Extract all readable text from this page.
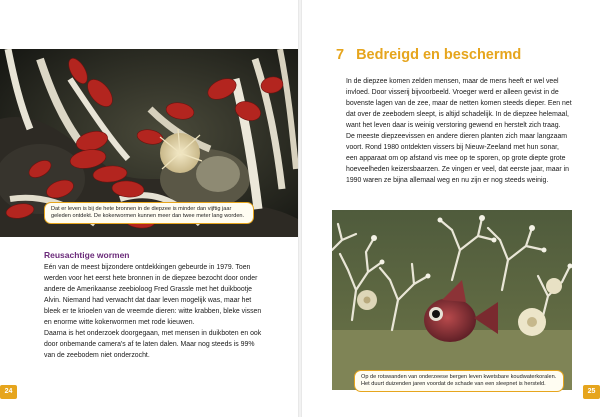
Dat er leven is bij de hete bronnen in de diepzee is minder dan vijftig jaar
geleden ontdekt. De kokerwormen kunnen meer dan twee meter lang worden.
Reusachtige wormen
Eén van de meest bijzondere ontdekkingen gebeurde in 1979. Toen
werden voor het eerst hete bronnen in de diepzee bezocht door onder
andere de Amerikaanse zeebioloog Fred Grassle met het duikbootje
Alvin. Niemand had verwacht dat daar leven mogelijk was, maar het
bleek er te krioelen van de vreemde dieren: witte krabben, bleke vissen
en enorme witte kokerwormen met rode kieuwen.
Daarna is het onderzoek doorgegaan, met mensen in duikboten en ook
door onbemande camera's af te laten dalen. Maar nog steeds is 99%
van de zeebodem niet onderzocht.
24
7 Bedreigd en beschermd
In de diepzee komen zelden mensen, maar de mens heeft er wel veel
invloed. Door visserij bijvoorbeeld. Vroeger werd er alleen gevist in de
bovenste lagen van de zee, maar de netten komen steeds dieper. Een net
dat over de zeebodem sleept, is altijd schadelijk. In de diepzee helemaal,
want het leven daar is weinig verstoring gewend en herstelt zich traag.
De meeste diepzeevissen en andere dieren planten zich maar langzaam
voort. Rond 1980 ontdekten vissers bij Nieuw-Zeeland met hun sonar,
een apparaat om op afstand vis mee op te sporen, op grote diepte grote
hoeveelheden keizersbaarzen. Ze vingen er veel, dat eerste jaar, maar in
1990 waren ze bijna allemaal weg en nu zijn er nog steeds weinig.
Op de rotswanden van onderzeese bergen leven kwetsbare koudwaterkoralen.
Het duurt duizenden jaren voordat de schade van een sleepnet is hersteld.
25
